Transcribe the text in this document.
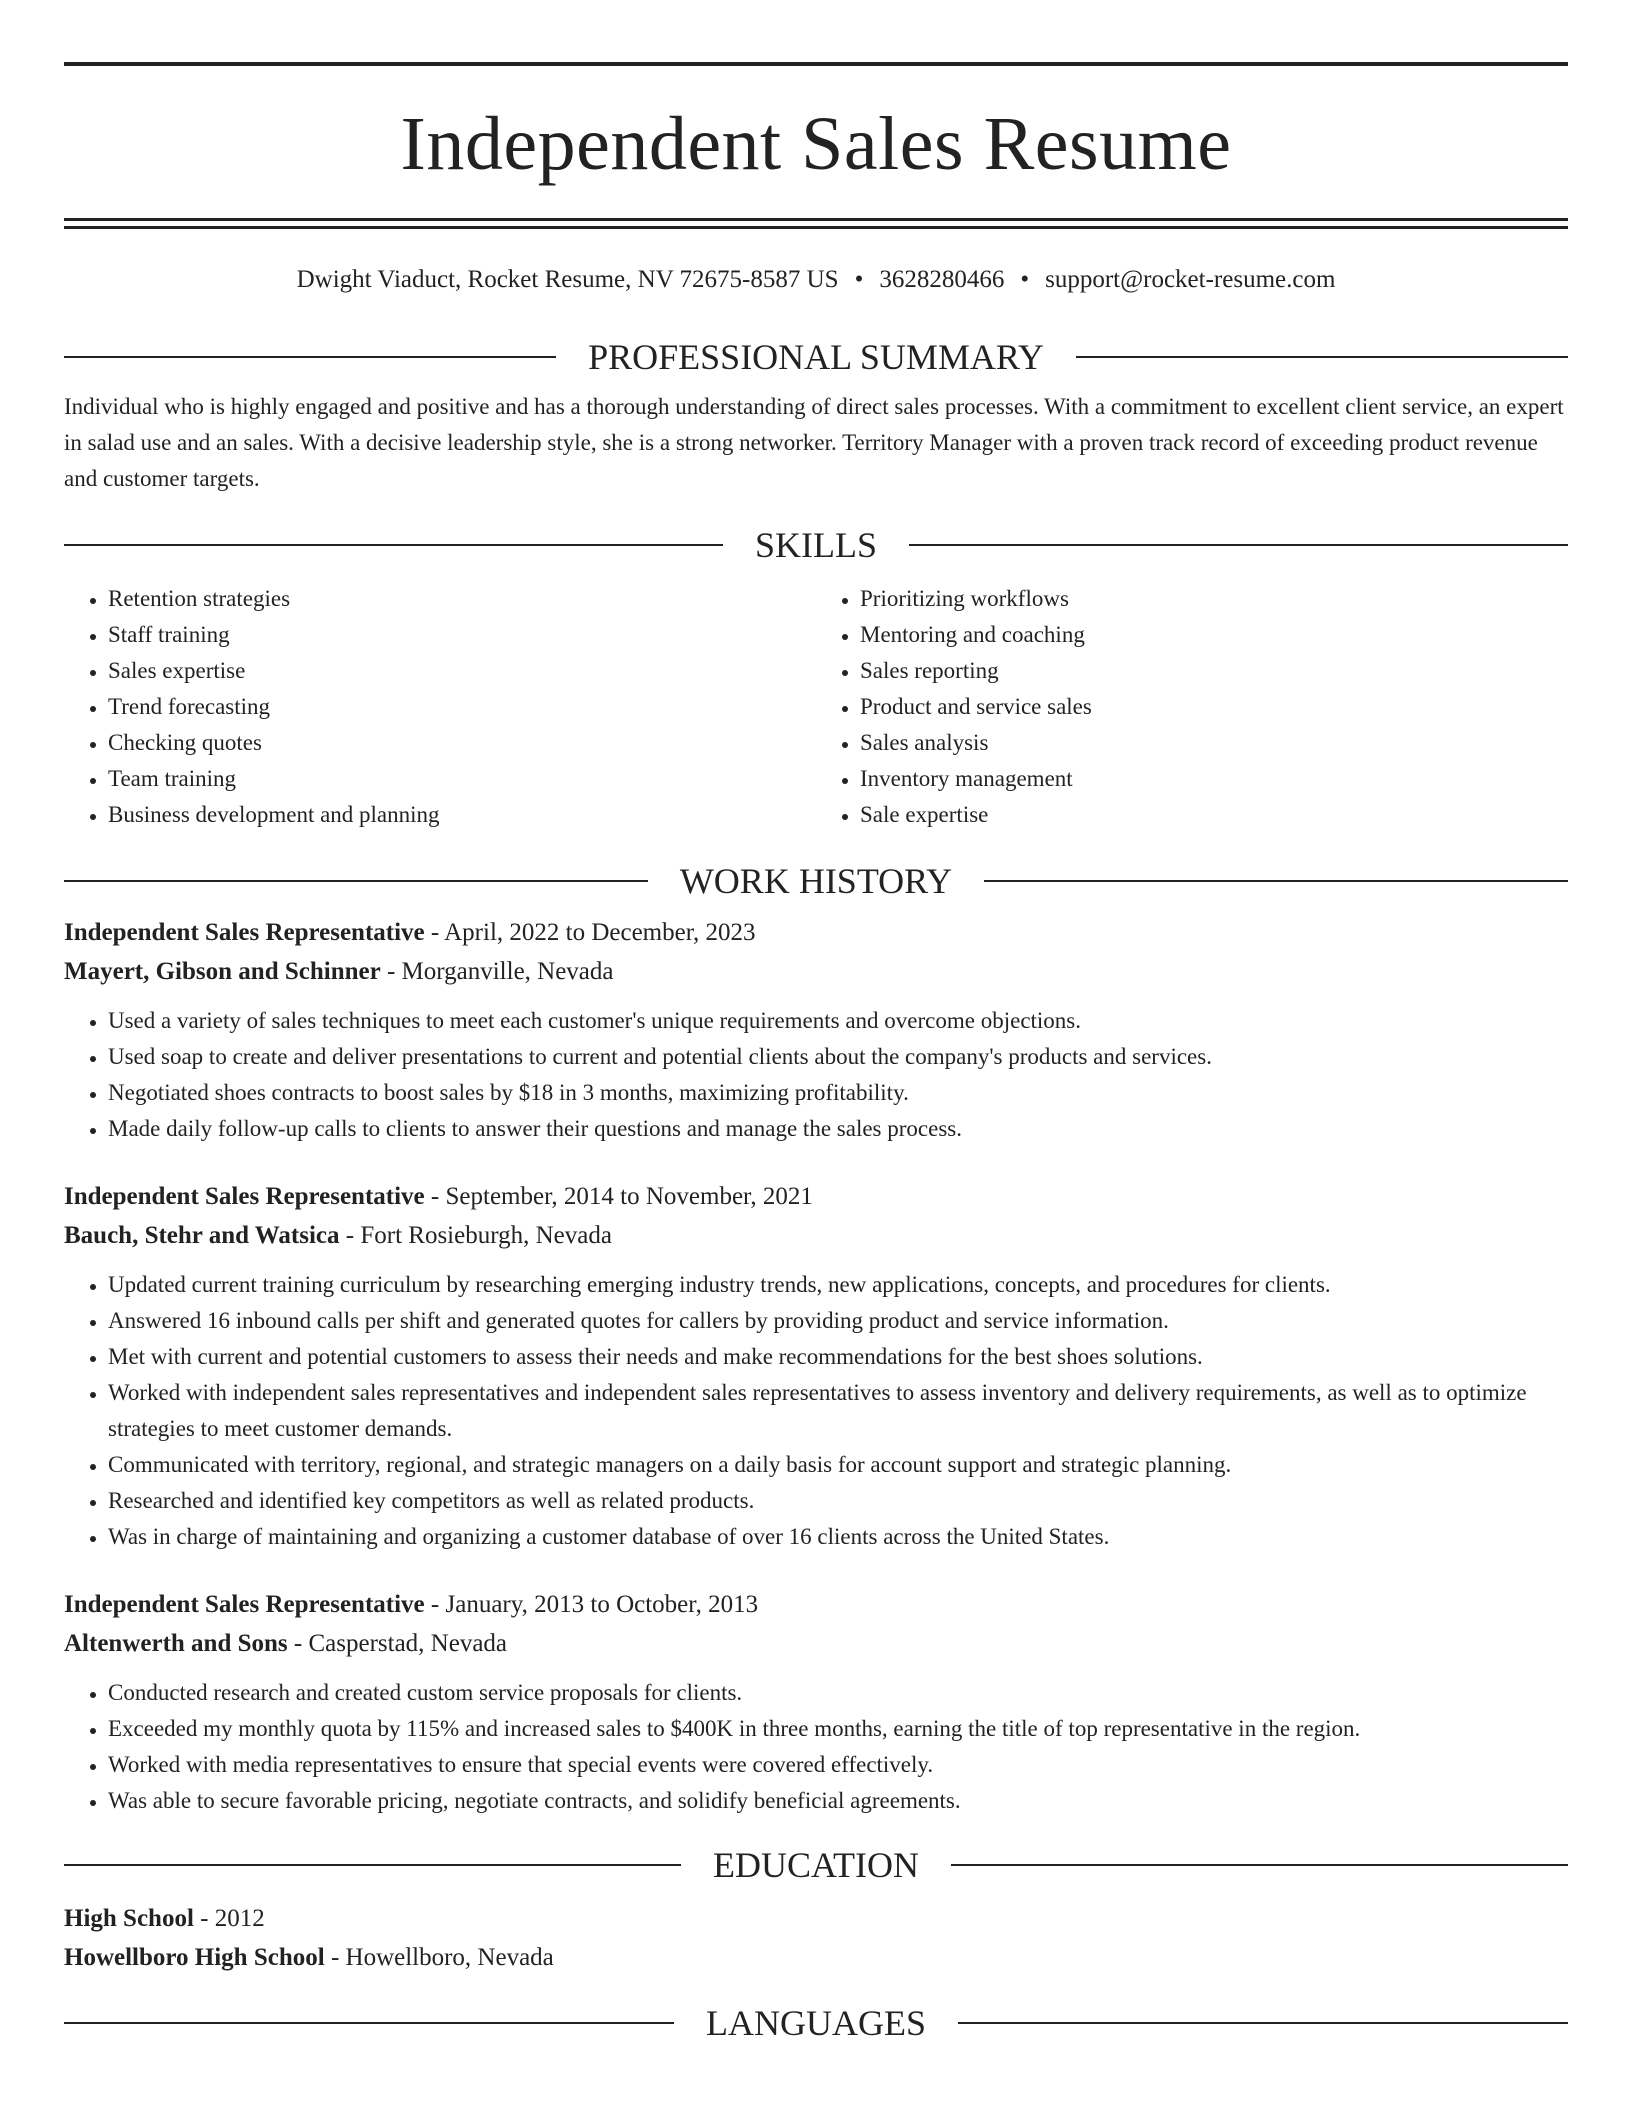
Independent Sales Resume
Dwight Viaduct, Rocket Resume, NV 72675-8587 US • 3628280466 • support@rocket-resume.com
PROFESSIONAL SUMMARY

Individual who is highly engaged and positive and has a thorough understanding of direct sales processes. With a commitment to excellent client service, an expert in salad use and an sales. With a decisive leadership style, she is a strong networker. Territory Manager with a proven track record of exceeding product revenue and customer targets.

SKILLS
• Retention strategies
• Staff training
• Sales expertise
• Trend forecasting
• Checking quotes
• Team training
• Business development and planning
• Prioritizing workflows
• Mentoring and coaching
• Sales reporting
• Product and service sales
• Sales analysis
• Inventory management
• Sale expertise
WORK HISTORY
Independent Sales Representative - April, 2022 to December, 2023
Mayert, Gibson and Schinner - Morganville, Nevada
• Used a variety of sales techniques to meet each customer's unique requirements and overcome objections.
• Used soap to create and deliver presentations to current and potential clients about the company's products and services.
• Negotiated shoes contracts to boost sales by $18 in 3 months, maximizing profitability.
• Made daily follow-up calls to clients to answer their questions and manage the sales process.
Independent Sales Representative - September, 2014 to November, 2021
Bauch, Stehr and Watsica - Fort Rosieburgh, Nevada
• Updated current training curriculum by researching emerging industry trends, new applications, concepts, and procedures for clients.
• Answered 16 inbound calls per shift and generated quotes for callers by providing product and service information.
• Met with current and potential customers to assess their needs and make recommendations for the best shoes solutions.
• Worked with independent sales representatives and independent sales representatives to assess inventory and delivery requirements, as well as to optimize strategies to meet customer demands.
• Communicated with territory, regional, and strategic managers on a daily basis for account support and strategic planning.
• Researched and identified key competitors as well as related products.
• Was in charge of maintaining and organizing a customer database of over 16 clients across the United States.
Independent Sales Representative - January, 2013 to October, 2013
Altenwerth and Sons - Casperstad, Nevada
• Conducted research and created custom service proposals for clients.
• Exceeded my monthly quota by 115% and increased sales to $400K in three months, earning the title of top representative in the region.
• Worked with media representatives to ensure that special events were covered effectively.
• Was able to secure favorable pricing, negotiate contracts, and solidify beneficial agreements.
EDUCATION
High School - 2012
Howellboro High School - Howellboro, Nevada
LANGUAGES
